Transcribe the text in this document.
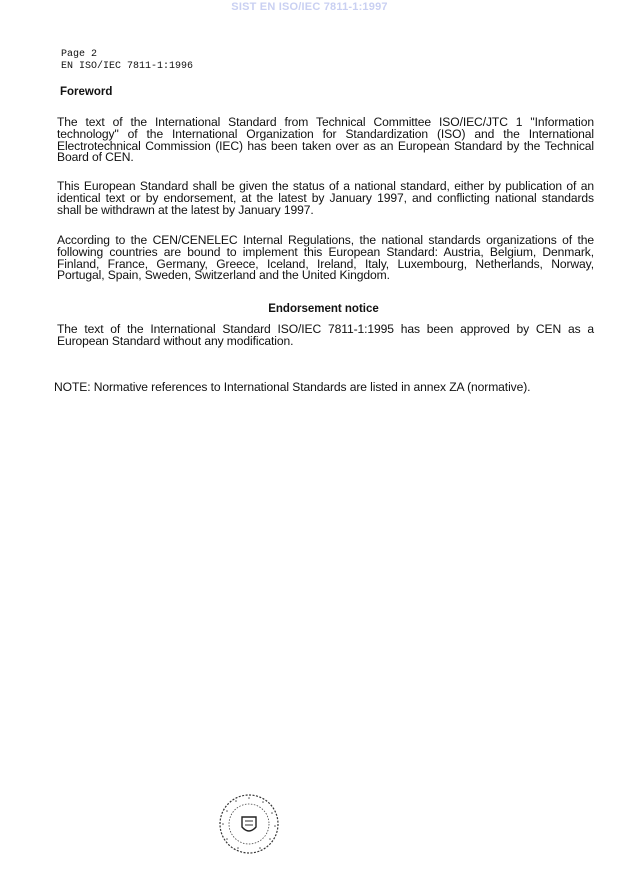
SIST EN ISO/IEC 7811-1:1997
Page 2
EN ISO/IEC 7811-1:1996
Foreword

The text of the International Standard from Technical Committee ISO/IEC/JTC 1 "Information technology" of the International Organization for Standardization (ISO) and the International Electrotechnical Commission (IEC) has been taken over as an European Standard by the Technical Board of CEN.

This European Standard shall be given the status of a national standard, either by publication of an identical text or by endorsement, at the latest by January 1997, and conflicting national standards shall be withdrawn at the latest by January 1997.

According to the CEN/CENELEC Internal Regulations, the national standards organizations of the following countries are bound to implement this European Standard: Austria, Belgium, Denmark, Finland, France, Germany, Greece, Iceland, Ireland, Italy, Luxembourg, Netherlands, Norway, Portugal, Spain, Sweden, Switzerland and the United Kingdom.

Endorsement notice

The text of the International Standard ISO/IEC 7811-1:1995 has been approved by CEN as a European Standard without any modification.

NOTE: Normative references to International Standards are listed in annex ZA (normative).
